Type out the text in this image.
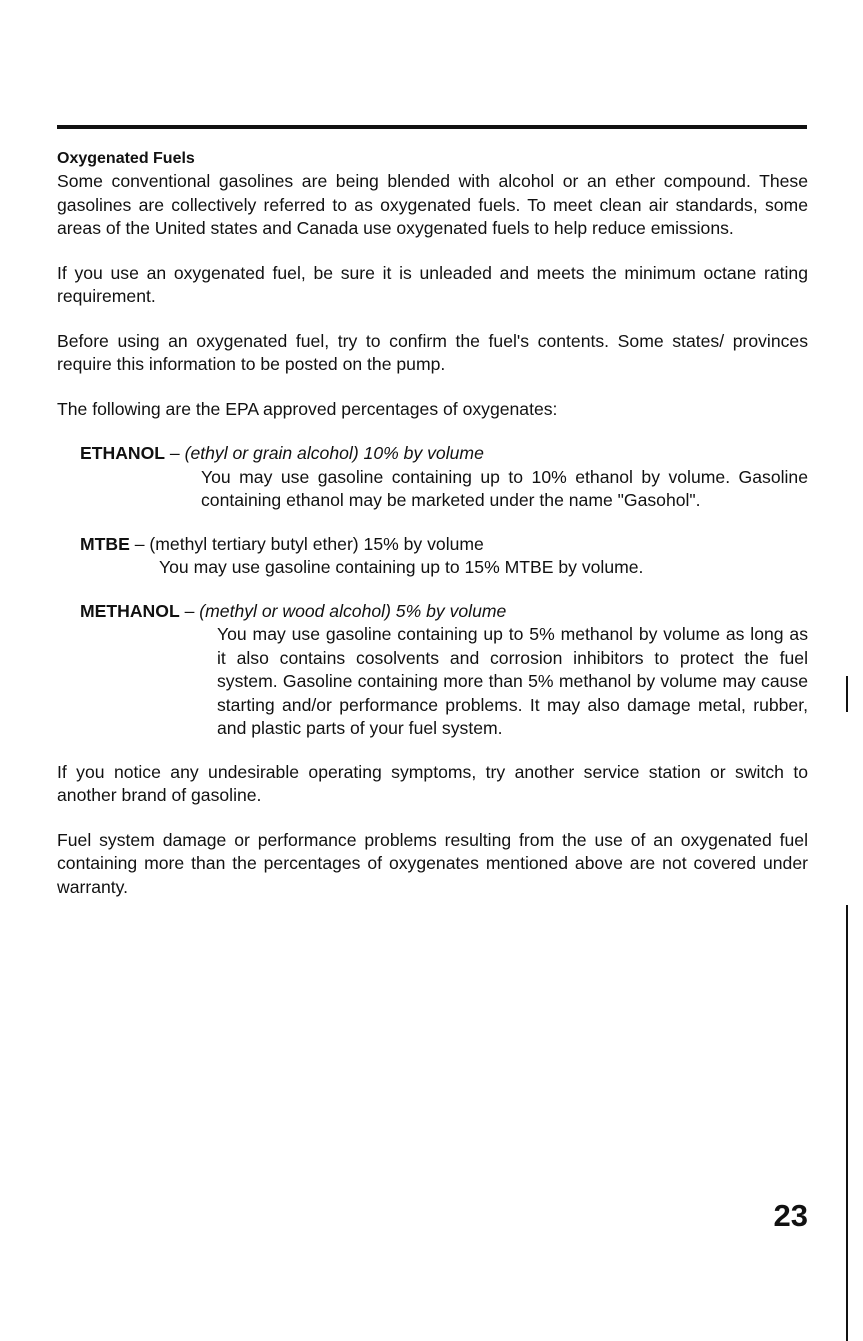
Oxygenated Fuels

Some conventional gasolines are being blended with alcohol or an ether compound. These gasolines are collectively referred to as oxygenated fuels. To meet clean air standards, some areas of the United states and Canada use oxygenated fuels to help reduce emissions.

If you use an oxygenated fuel, be sure it is unleaded and meets the minimum octane rating requirement.

Before using an oxygenated fuel, try to confirm the fuel's contents. Some states/ provinces require this information to be posted on the pump.

The following are the EPA approved percentages of oxygenates:

ETHANOL – (ethyl or grain alcohol) 10% by volume
You may use gasoline containing up to 10% ethanol by volume. Gasoline containing ethanol may be marketed under the name "Gasohol".
MTBE – (methyl tertiary butyl ether) 15% by volume
You may use gasoline containing up to 15% MTBE by volume.
METHANOL – (methyl or wood alcohol) 5% by volume
You may use gasoline containing up to 5% methanol by volume as long as it also contains cosolvents and corrosion inhibitors to protect the fuel system. Gasoline containing more than 5% methanol by volume may cause starting and/or performance problems. It may also damage metal, rubber, and plastic parts of your fuel system.

If you notice any undesirable operating symptoms, try another service station or switch to another brand of gasoline.

Fuel system damage or performance problems resulting from the use of an oxygenated fuel containing more than the percentages of oxygenates mentioned above are not covered under warranty.

23
